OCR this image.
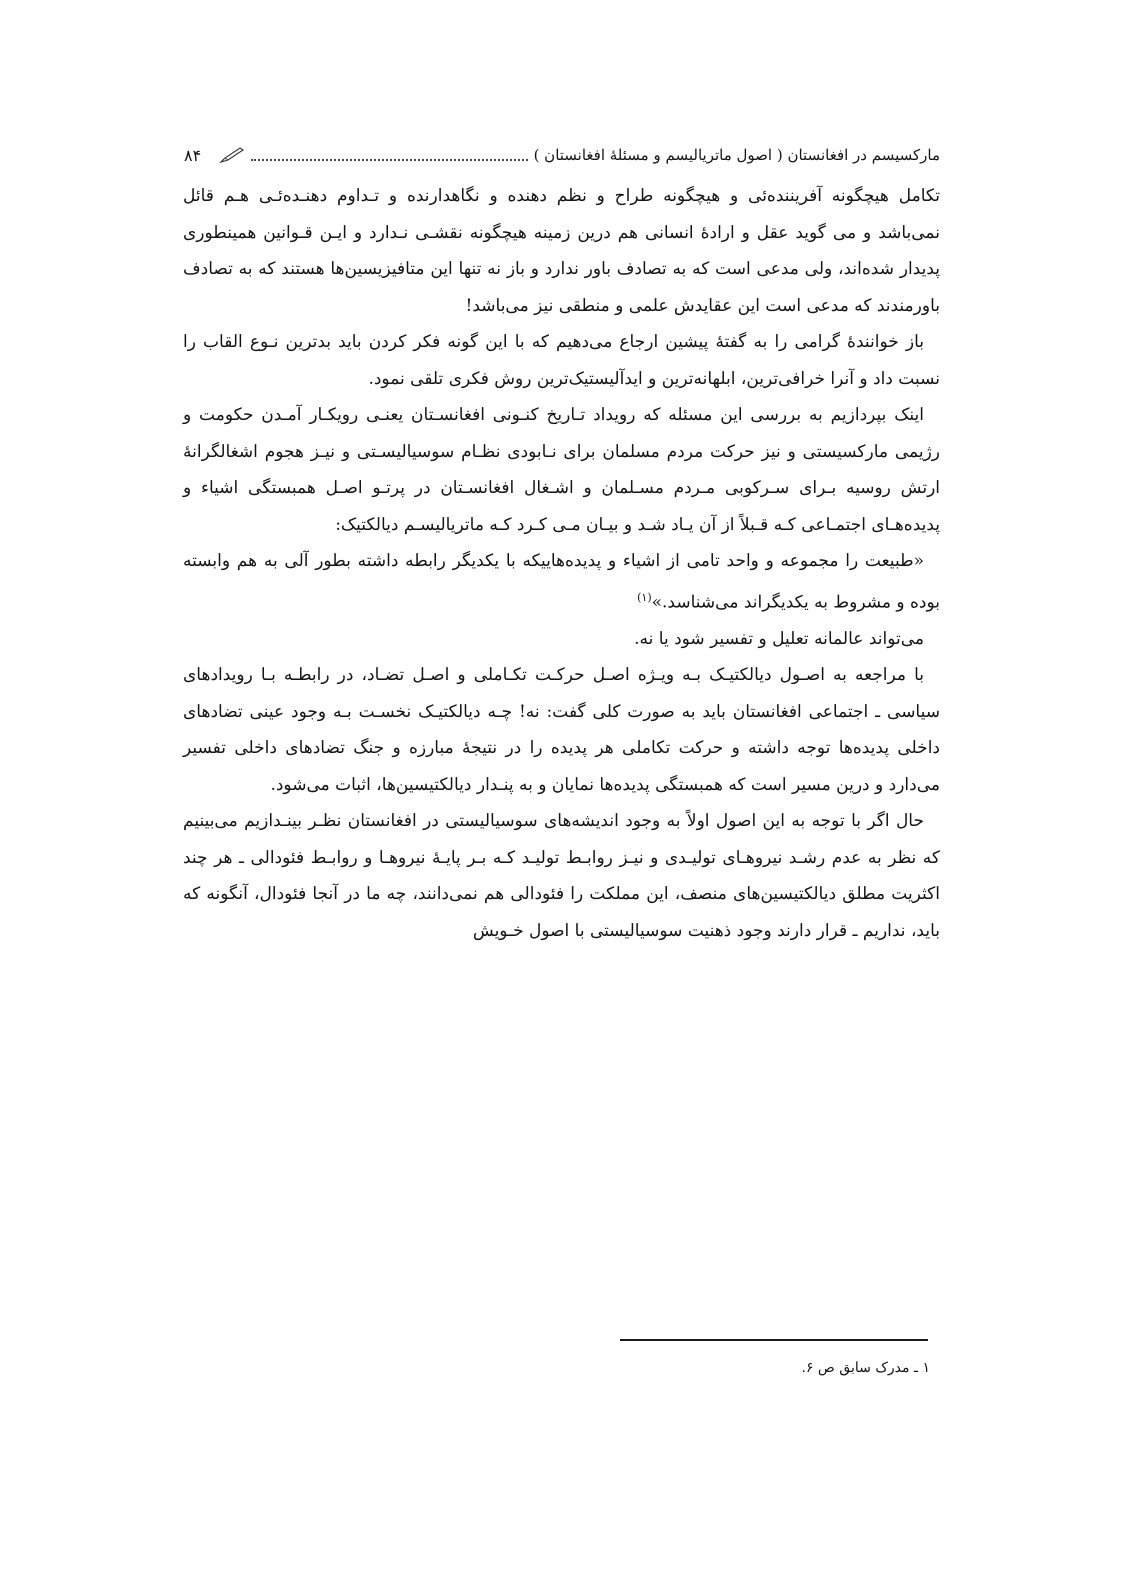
مارکسیسم در افغانستان ( اصول ماتریالیسم و مسئلهٔ افغانستان )
۸۴

تکامل هیچگونه آفریننده‌ئی و هیچگونه طراح و نظم دهنده و نگاهدارنده و تـداوم دهنـده‌ئـی هـم قائل نمی‌باشد و می گوید عقل و ارادهٔ انسانی هم درین زمینه هیچگونه نقشـی نـدارد و ایـن قـوانین همینطوری پدیدار شده‌اند، ولی مدعی است که به تصادف باور ندارد و باز نه تنها این متافیزیسین‌ها هستند که به تصادف باورمندند که مدعی است این عقایدش علمی و منطقی نیز می‌باشد!

باز خوانندهٔ گرامی را به گفتهٔ پیشین ارجاع می‌دهیم که با این گونه فکر کردن باید بدترین نـوع القاب را نسبت داد و آنرا خرافی‌ترین، ابلهانه‌ترین و ایدآلیستیک‌ترین روش فکری تلقی نمود.

اینک بپردازیم به بررسی این مسئله که رویداد تـاریخ کنـونی افغانسـتان یعنـی رویکـار آمـدن حکومت و رژیمی مارکسیستی و نیز حرکت مردم مسلمان برای نـابودی نظـام سوسیالیسـتی و نیـز هجوم اشغالگرانهٔ ارتش روسیه بـرای سـرکوبی مـردم مسـلمان و اشـغال افغانسـتان در پرتـو اصـل همبستگی اشیاء و پدیده‌هـای اجتمـاعی کـه قـبلاً از آن یـاد شـد و بیـان مـی کـرد کـه ماتریالیسـم دیالکتیک:

«طبیعت را مجموعه و واحد تامی از اشیاء و پدیده‌هاییکه با یکدیگر رابطه داشته بطور آلی به هم وابسته بوده و مشروط به یکدیگراند می‌شناسد.»$^{(۱)}$

می‌تواند عالمانه تعلیل و تفسیر شود یا نه.

با مراجعه به اصـول دیالکتیـک بـه ویـژه اصـل حرکـت تکـاملی و اصـل تضـاد، در رابطـه بـا رویدادهای سیاسی ـ اجتماعی افغانستان باید به صورت کلی گفت: نه! چـه دیالکتیـک نخسـت بـه وجود عینی تضادهای داخلی پدیده‌ها توجه داشته و حرکت تکاملی هر پدیده را در نتیجهٔ مبارزه و جنگ تضادهای داخلی تفسیر می‌دارد و درین مسیر است که همبستگی پدیده‌ها نمایان و به پنـدار دیالکتیسین‌ها، اثبات می‌شود.

حال اگر با توجه به این اصول اولاً به وجود اندیشه‌های سوسیالیستی در افغانستان نظـر بینـدازیم می‌بینیم که نظر به عدم رشـد نیروهـای تولیـدی و نیـز روابـط تولیـد کـه بـر پایـهٔ نیروهـا و روابـط فئودالی ـ هر چند اکثریت مطلق دیالکتیسین‌های منصف، این مملکت را فئودالی هم نمی‌دانند، چه ما در آنجا فئودال، آنگونه که باید، نداریم ـ قرار دارند وجود ذهنیت سوسیالیستی با اصول خـویش

۱ ـ مدرک سابق ص ۶.
